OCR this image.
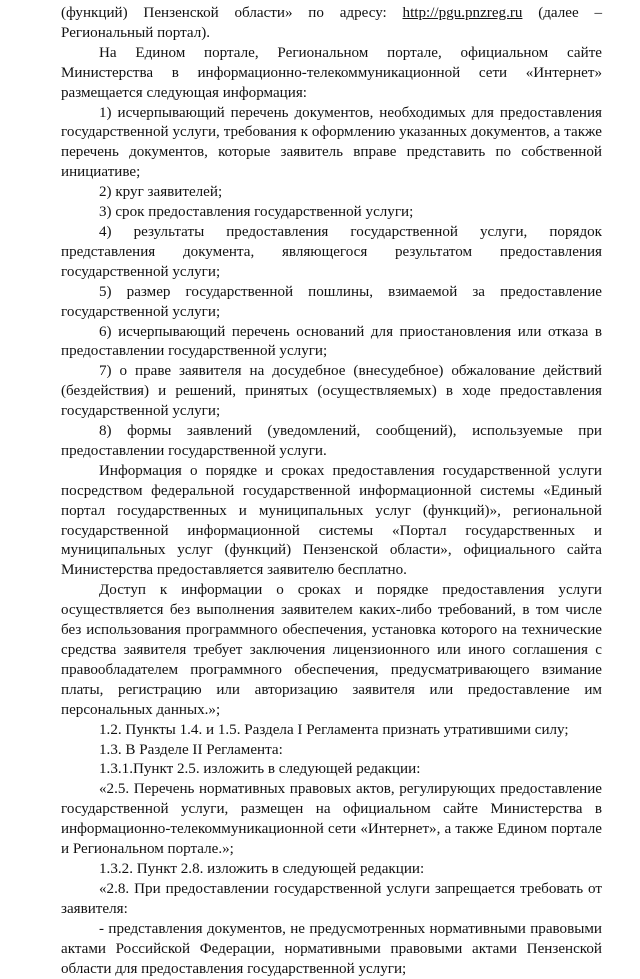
(функций) Пензенской области» по адресу: http://pgu.pnzreg.ru (далее – Региональный портал).

На Едином портале, Региональном портале, официальном сайте Министерства в информационно-телекоммуникационной сети «Интернет» размещается следующая информация:

1) исчерпывающий перечень документов, необходимых для предоставления государственной услуги, требования к оформлению указанных документов, а также перечень документов, которые заявитель вправе представить по собственной инициативе;

2) круг заявителей;

3) срок предоставления государственной услуги;

4) результаты предоставления государственной услуги, порядок представления документа, являющегося результатом предоставления государственной услуги;

5) размер государственной пошлины, взимаемой за предоставление государственной услуги;

6) исчерпывающий перечень оснований для приостановления или отказа в предоставлении государственной услуги;

7) о праве заявителя на досудебное (внесудебное) обжалование действий (бездействия) и решений, принятых (осуществляемых) в ходе предоставления государственной услуги;

8) формы заявлений (уведомлений, сообщений), используемые при предоставлении государственной услуги.

Информация о порядке и сроках предоставления государственной услуги посредством федеральной государственной информационной системы «Единый портал государственных и муниципальных услуг (функций)», региональной государственной информационной системы «Портал государственных и муниципальных услуг (функций) Пензенской области», официального сайта Министерства предоставляется заявителю бесплатно.

Доступ к информации о сроках и порядке предоставления услуги осуществляется без выполнения заявителем каких-либо требований, в том числе без использования программного обеспечения, установка которого на технические средства заявителя требует заключения лицензионного или иного соглашения с правообладателем программного обеспечения, предусматривающего взимание платы, регистрацию или авторизацию заявителя или предоставление им персональных данных.»;

1.2. Пункты 1.4. и 1.5. Раздела I Регламента признать утратившими силу;

1.3. В Разделе II Регламента:

1.3.1.Пункт 2.5. изложить в следующей редакции:

«2.5. Перечень нормативных правовых актов, регулирующих предоставление государственной услуги, размещен на официальном сайте Министерства в информационно-телекоммуникационной сети «Интернет», а также Едином портале и Региональном портале.»;

1.3.2. Пункт 2.8. изложить в следующей редакции:

«2.8. При предоставлении государственной услуги запрещается требовать от заявителя:

- представления документов, не предусмотренных нормативными правовыми актами Российской Федерации, нормативными правовыми актами Пензенской области для предоставления государственной услуги;
